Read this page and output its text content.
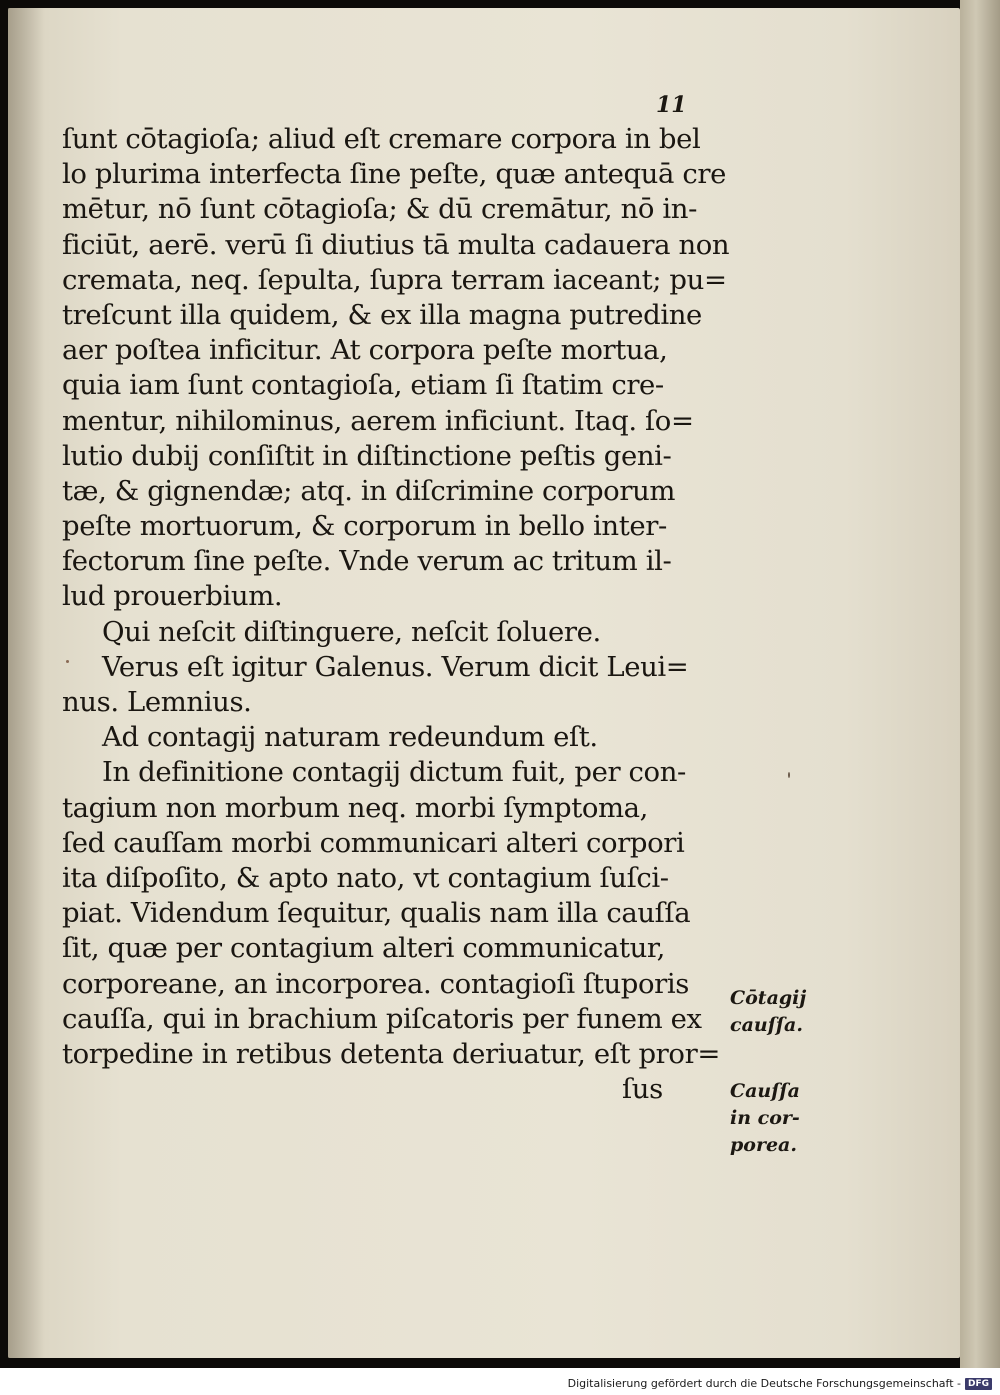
11
ſunt cōtagioſa; aliud eſt cremare corpora in bel
lo plurima interfecta ſine peſte, quæ antequā cre
mētur, nō ſunt cōtagioſa; & dū cremātur, nō in-
ficiūt, aerē. verū ſi diutius tā multa cadauera non
cremata, neq. ſepulta, ſupra terram iaceant; pu=
treſcunt illa quidem, & ex illa magna putredine
aer poſtea inficitur. At corpora peſte mortua,
quia iam ſunt contagioſa, etiam ſi ſtatim cre-
mentur, nihilominus, aerem inficiunt. Itaq. ſo=
lutio dubij conſiſtit in diſtinctione peſtis geni-
tæ, & gignendæ; atq. in diſcrimine corporum
peſte mortuorum, & corporum in bello inter-
fectorum ſine peſte. Vnde verum ac tritum il-
lud prouerbium.
Qui neſcit diſtinguere, neſcit ſoluere.
Verus eſt igitur Galenus. Verum dicit Leui=
nus. Lemnius.
Ad contagij naturam redeundum eſt.
In definitione contagij dictum fuit, per con-
tagium non morbum neq. morbi ſymptoma,
ſed cauſſam morbi communicari alteri corpori
ita diſpoſito, & apto nato, vt contagium ſuſci-
piat. Videndum ſequitur, qualis nam illa cauſſa
ſit, quæ per contagium alteri communicatur,
corporeane, an incorporea. contagioſi ſtuporis
cauſſa, qui in brachium piſcatoris per funem ex
torpedine in retibus detenta deriuatur, eſt pror=
ſus
Cōtagij
cauſſa.
Cauſſa
in cor-
porea.
Digitalisierung gefördert durch die Deutsche Forschungsgemeinschaft - DFG
